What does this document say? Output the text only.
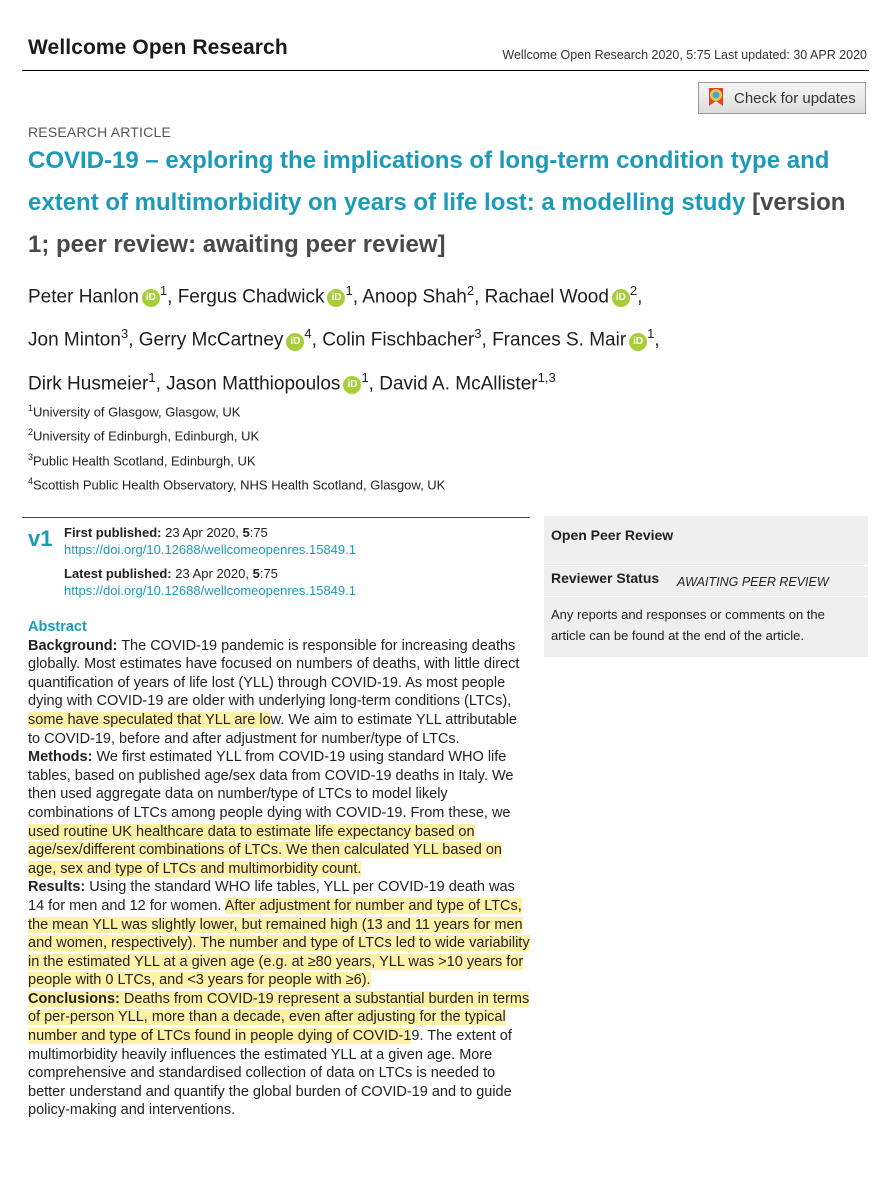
Wellcome Open Research	Wellcome Open Research 2020, 5:75 Last updated: 30 APR 2020
Check for updates
RESEARCH ARTICLE
COVID-19 – exploring the implications of long-term condition type and extent of multimorbidity on years of life lost: a modelling study [version 1; peer review: awaiting peer review]
Peter Hanlon iD $^1$, Fergus Chadwick iD $^1$, Anoop Shah$^2$, Rachael Wood iD $^2$,
Jon Minton$^3$, Gerry McCartney iD $^4$, Colin Fischbacher$^3$, Frances S. Mair iD $^1$,
Dirk Husmeier$^1$, Jason Matthiopoulos iD $^1$, David A. McAllister$^{1,3}$
$^1$University of Glasgow, Glasgow, UK
$^2$University of Edinburgh, Edinburgh, UK
$^3$Public Health Scotland, Edinburgh, UK
$^4$Scottish Public Health Observatory, NHS Health Scotland, Glasgow, UK
v1 First published: 23 Apr 2020, 5:75
https://doi.org/10.12688/wellcomeopenres.15849.1
Latest published: 23 Apr 2020, 5:75
https://doi.org/10.12688/wellcomeopenres.15849.1
Abstract
Background: The COVID-19 pandemic is responsible for increasing deaths globally. Most estimates have focused on numbers of deaths, with little direct quantification of years of life lost (YLL) through COVID-19. As most people dying with COVID-19 are older with underlying long-term conditions (LTCs), some have speculated that YLL are low. We aim to estimate YLL attributable to COVID-19, before and after adjustment for number/type of LTCs.
Methods: We first estimated YLL from COVID-19 using standard WHO life tables, based on published age/sex data from COVID-19 deaths in Italy. We then used aggregate data on number/type of LTCs to model likely combinations of LTCs among people dying with COVID-19. From these, we used routine UK healthcare data to estimate life expectancy based on age/sex/different combinations of LTCs. We then calculated YLL based on age, sex and type of LTCs and multimorbidity count.
Results: Using the standard WHO life tables, YLL per COVID-19 death was 14 for men and 12 for women. After adjustment for number and type of LTCs, the mean YLL was slightly lower, but remained high (13 and 11 years for men and women, respectively). The number and type of LTCs led to wide variability in the estimated YLL at a given age (e.g. at ≥80 years, YLL was >10 years for people with 0 LTCs, and <3 years for people with ≥6).
Conclusions: Deaths from COVID-19 represent a substantial burden in terms of per-person YLL, more than a decade, even after adjusting for the typical number and type of LTCs found in people dying of COVID-19. The extent of multimorbidity heavily influences the estimated YLL at a given age. More comprehensive and standardised collection of data on LTCs is needed to better understand and quantify the global burden of COVID-19 and to guide policy-making and interventions.
Open Peer Review
Reviewer Status AWAITING PEER REVIEW
Any reports and responses or comments on the article can be found at the end of the article.
